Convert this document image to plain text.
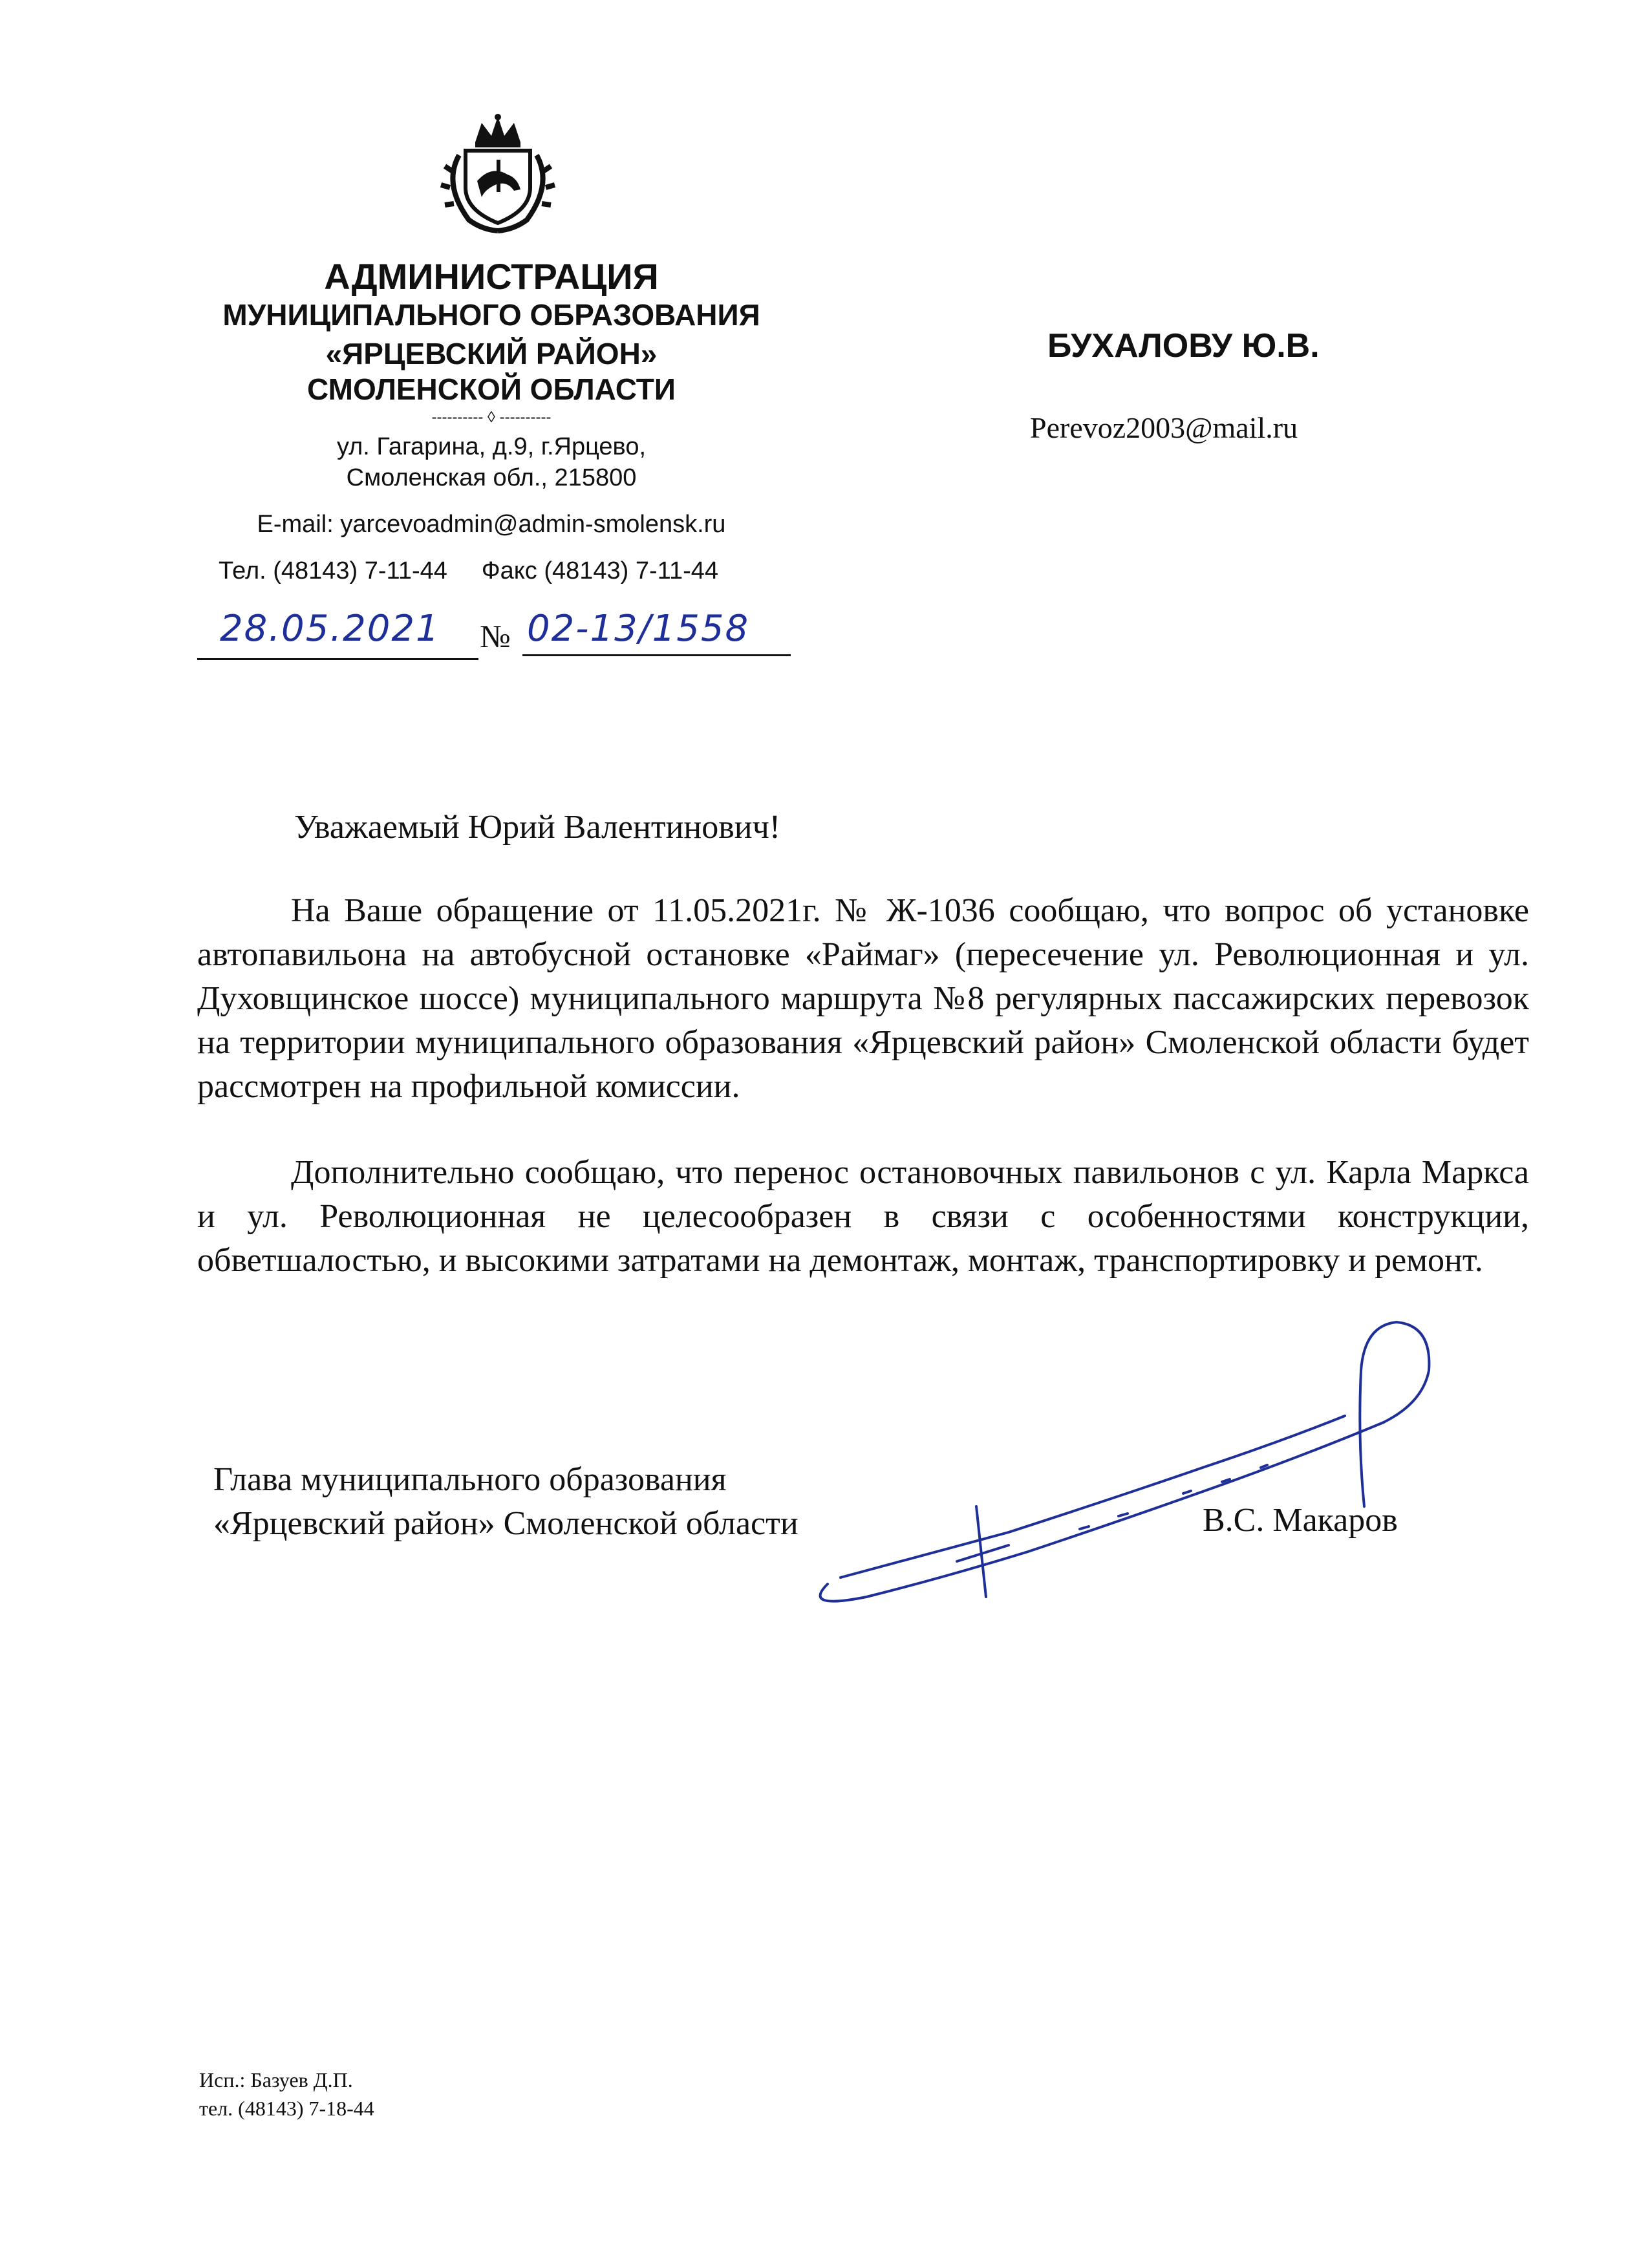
АДМИНИСТРАЦИЯ
МУНИЦИПАЛЬНОГО ОБРАЗОВАНИЯ
«ЯРЦЕВСКИЙ РАЙОН»
СМОЛЕНСКОЙ ОБЛАСТИ
---------- ◊ ----------
ул. Гагарина, д.9, г.Ярцево,
Смоленская обл., 215800
E-mail: yarcevoadmin@admin-smolensk.ru
Тел. (48143) 7-11-44     Факс (48143) 7-11-44
28.05.2021 № 02-13/1558
БУХАЛОВУ Ю.В.
Perevoz2003@mail.ru
Уважаемый Юрий Валентинович!
На Ваше обращение от 11.05.2021г. № Ж-1036 сообщаю, что вопрос об установке автопавильона на автобусной остановке «Раймаг» (пересечение ул. Революционная и ул. Духовщинское шоссе) муниципального маршрута №8 регулярных пассажирских перевозок на территории муниципального образования «Ярцевский район» Смоленской области будет рассмотрен на профильной комиссии.
Дополнительно сообщаю, что перенос остановочных павильонов с ул. Карла Маркса и ул. Революционная не целесообразен в связи с особенностями конструкции, обветшалостью, и высокими затратами на демонтаж, монтаж, транспортировку и ремонт.
Глава муниципального образования
«Ярцевский район» Смоленской области	В.С. Макаров
Исп.: Базуев Д.П.
тел. (48143) 7-18-44
